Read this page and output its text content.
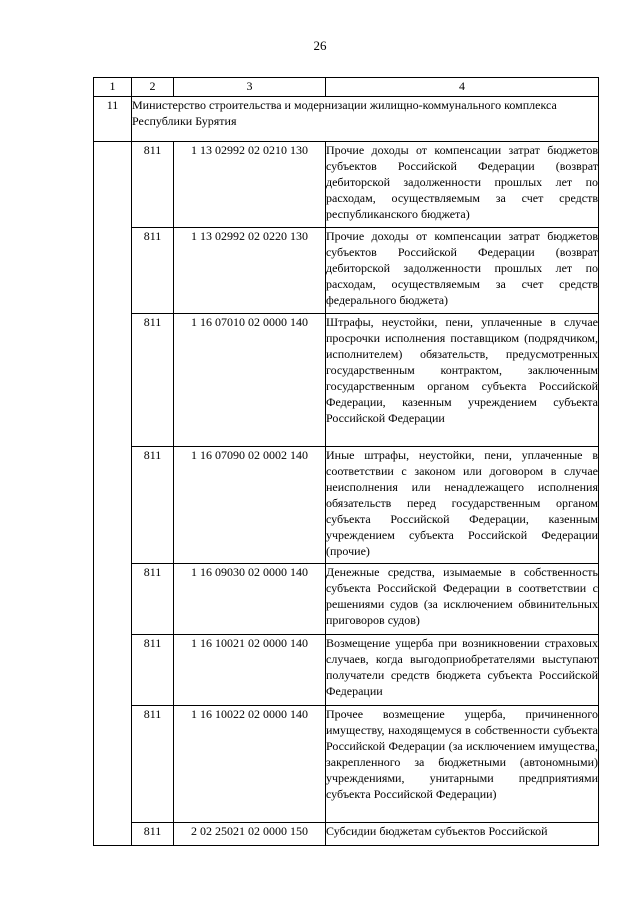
26
1	2	3	4
11	Министерство строительства и модернизации жилищно-коммунального комплекса Республики Бурятия		
	811	1 13 02992 02 0210 130	Прочие доходы от компенсации затрат бюджетов субъектов Российской Федерации (возврат дебиторской задолженности прошлых лет по расходам, осуществляемым за счет средств республиканского бюджета)
	811	1 13 02992 02 0220 130	Прочие доходы от компенсации затрат бюджетов субъектов Российской Федерации (возврат дебиторской задолженности прошлых лет по расходам, осуществляемым за счет средств федерального бюджета)
	811	1 16 07010 02 0000 140	Штрафы, неустойки, пени, уплаченные в случае просрочки исполнения поставщиком (подрядчиком, исполнителем) обязательств, предусмотренных государственным контрактом, заключенным государственным органом субъекта Российской Федерации, казенным учреждением субъекта Российской Федерации
	811	1 16 07090 02 0002 140	Иные штрафы, неустойки, пени, уплаченные в соответствии с законом или договором в случае неисполнения или ненадлежащего исполнения обязательств перед государственным органом субъекта Российской Федерации, казенным учреждением субъекта Российской Федерации (прочие)
	811	1 16 09030 02 0000 140	Денежные средства, изымаемые в собственность субъекта Российской Федерации в соответствии с решениями судов (за исключением обвинительных приговоров судов)
	811	1 16 10021 02 0000 140	Возмещение ущерба при возникновении страховых случаев, когда выгодоприобретателями выступают получатели средств бюджета субъекта Российской Федерации
	811	1 16 10022 02 0000 140	Прочее возмещение ущерба, причиненного имуществу, находящемуся в собственности субъекта Российской Федерации (за исключением имущества, закрепленного за бюджетными (автономными) учреждениями, унитарными предприятиями субъекта Российской Федерации)
	811	2 02 25021 02 0000 150	Субсидии бюджетам субъектов Российской
